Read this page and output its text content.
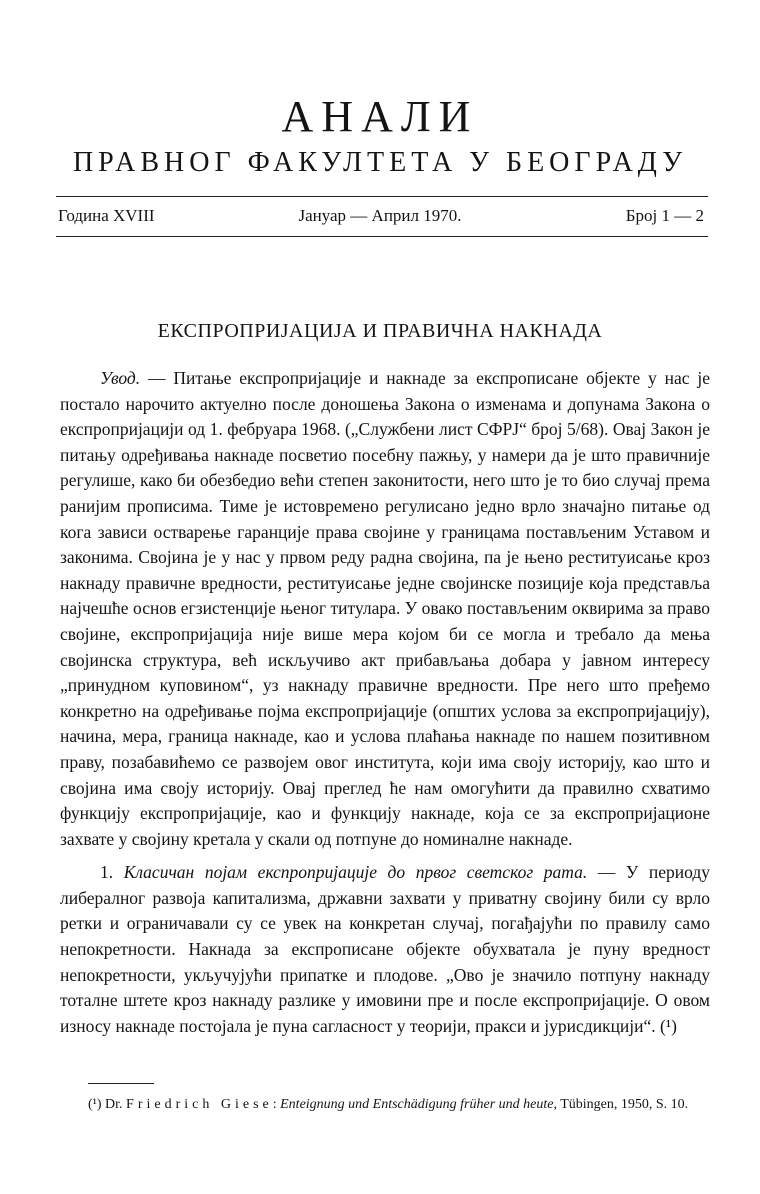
АНАЛИ
ПРАВНОГ ФАКУЛТЕТА У БЕОГРАДУ
Година XVIII	Јануар — Април 1970.	Број 1 — 2
ЕКСПРОПРИЈАЦИЈА И ПРАВИЧНА НАКНАДА

Увод. — Питање експропријације и накнаде за експрописане објекте у нас је постало нарочито актуелно после доношења Закона о изменама и допунама Закона о експропријацији од 1. фебруара 1968. („Службени лист СФРЈ“ број 5/68). Овај Закон је питању одређивања накнаде посветио посебну пажњу, у намери да је што правичније регулише, како би обезбедио већи степен законитости, него што је то био случај према ранијим прописима. Тиме је истовремено регулисано једно врло значајно питање од кога зависи остварење гаранције права својине у границама постављеним Уставом и законима. Својина је у нас у првом реду радна својина, па је њено реституисање кроз накнаду правичне вредности, реституисање једне својинске позиције која представља најчешће основ егзистенције њеног титулара. У овако постављеним оквирима за право својине, експропријација није више мера којом би се могла и требало да мења својинска структура, већ искључиво акт прибављања добара у јавном интересу „принудном куповином“, уз накнаду правичне вредности. Пре него што пређемо конкретно на одређивање појма експропријације (општих услова за експропријацију), начина, мера, граница накнаде, као и услова плаћања накнаде по нашем позитивном праву, позабавићемо се развојем овог института, који има своју историју, као што и својина има своју историју. Овај преглед ће нам омогућити да правилно схватимо функцију експропријације, као и функцију накнаде, која се за експропријационе захвате у својину кретала у скали од потпуне до номиналне накнаде.

1. Класичан појам експропријације до првог светског рата. — У периоду либералног развоја капитализма, државни захвати у приватну својину били су врло ретки и ограничавали су се увек на конкретан случај, погађајући по правилу само непокретности. Накнада за експрописане објекте обухватала је пуну вредност непокретности, укључујући припатке и плодове. „Ово је значило потпуну накнаду тоталне штете кроз накнаду разлике у имовини пре и после експропријације. О овом износу накнаде постојала је пуна сагласност у теорији, пракси и јурисдикцији“. (¹)

(¹) Dr. Friedrich Giese: Enteignung und Entschädigung früher und heute, Tübingen, 1950, S. 10.
